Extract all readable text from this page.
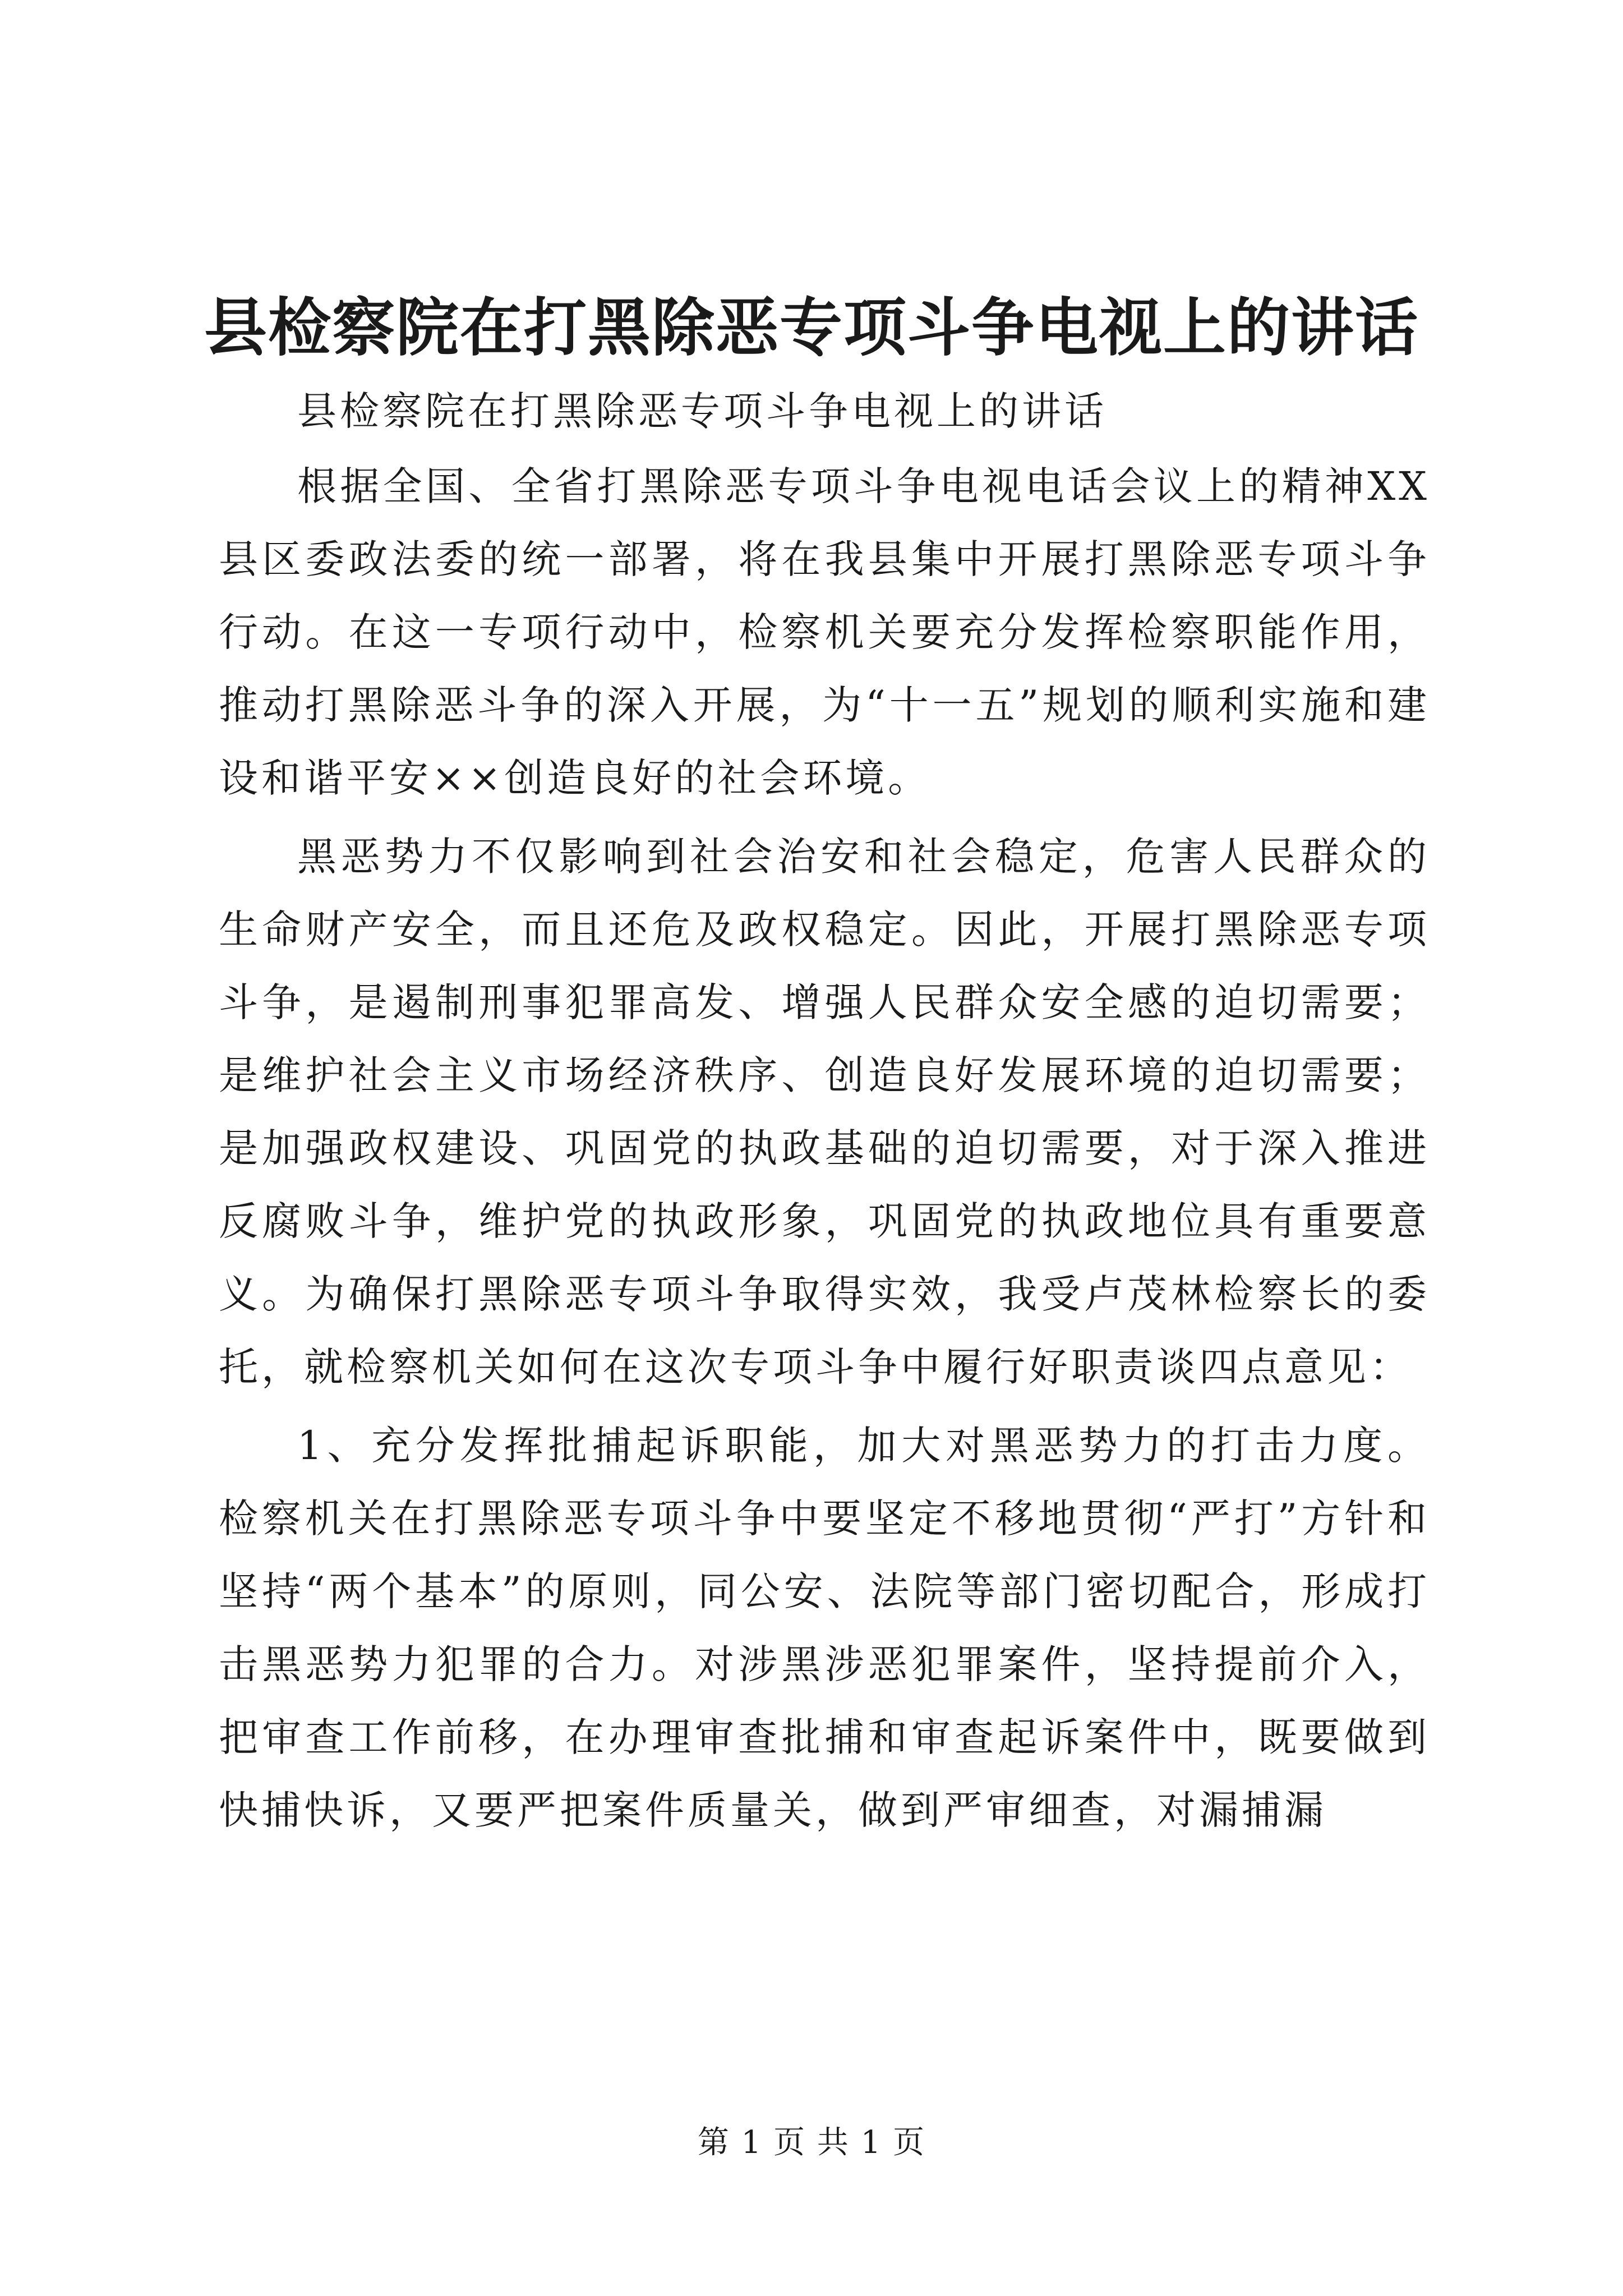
县检察院在打黑除恶专项斗争电视上的讲话

县检察院在打黑除恶专项斗争电视上的讲话

根据全国、全省打黑除恶专项斗争电视电话会议上的精神XX县区委政法委的统一部署，将在我县集中开展打黑除恶专项斗争行动。在这一专项行动中，检察机关要充分发挥检察职能作用，推动打黑除恶斗争的深入开展，为“十一五”规划的顺利实施和建设和谐平安××创造良好的社会环境。

黑恶势力不仅影响到社会治安和社会稳定，危害人民群众的生命财产安全，而且还危及政权稳定。因此，开展打黑除恶专项斗争，是遏制刑事犯罪高发、增强人民群众安全感的迫切需要；是维护社会主义市场经济秩序、创造良好发展环境的迫切需要；是加强政权建设、巩固党的执政基础的迫切需要，对于深入推进反腐败斗争，维护党的执政形象，巩固党的执政地位具有重要意义。为确保打黑除恶专项斗争取得实效，我受卢茂林检察长的委托，就检察机关如何在这次专项斗争中履行好职责谈四点意见：

1、充分发挥批捕起诉职能，加大对黑恶势力的打击力度。检察机关在打黑除恶专项斗争中要坚定不移地贯彻“严打”方针和坚持“两个基本”的原则，同公安、法院等部门密切配合，形成打击黑恶势力犯罪的合力。对涉黑涉恶犯罪案件，坚持提前介入，把审查工作前移，在办理审查批捕和审查起诉案件中，既要做到快捕快诉，又要严把案件质量关，做到严审细查，对漏捕漏

第 1 页 共 1 页
